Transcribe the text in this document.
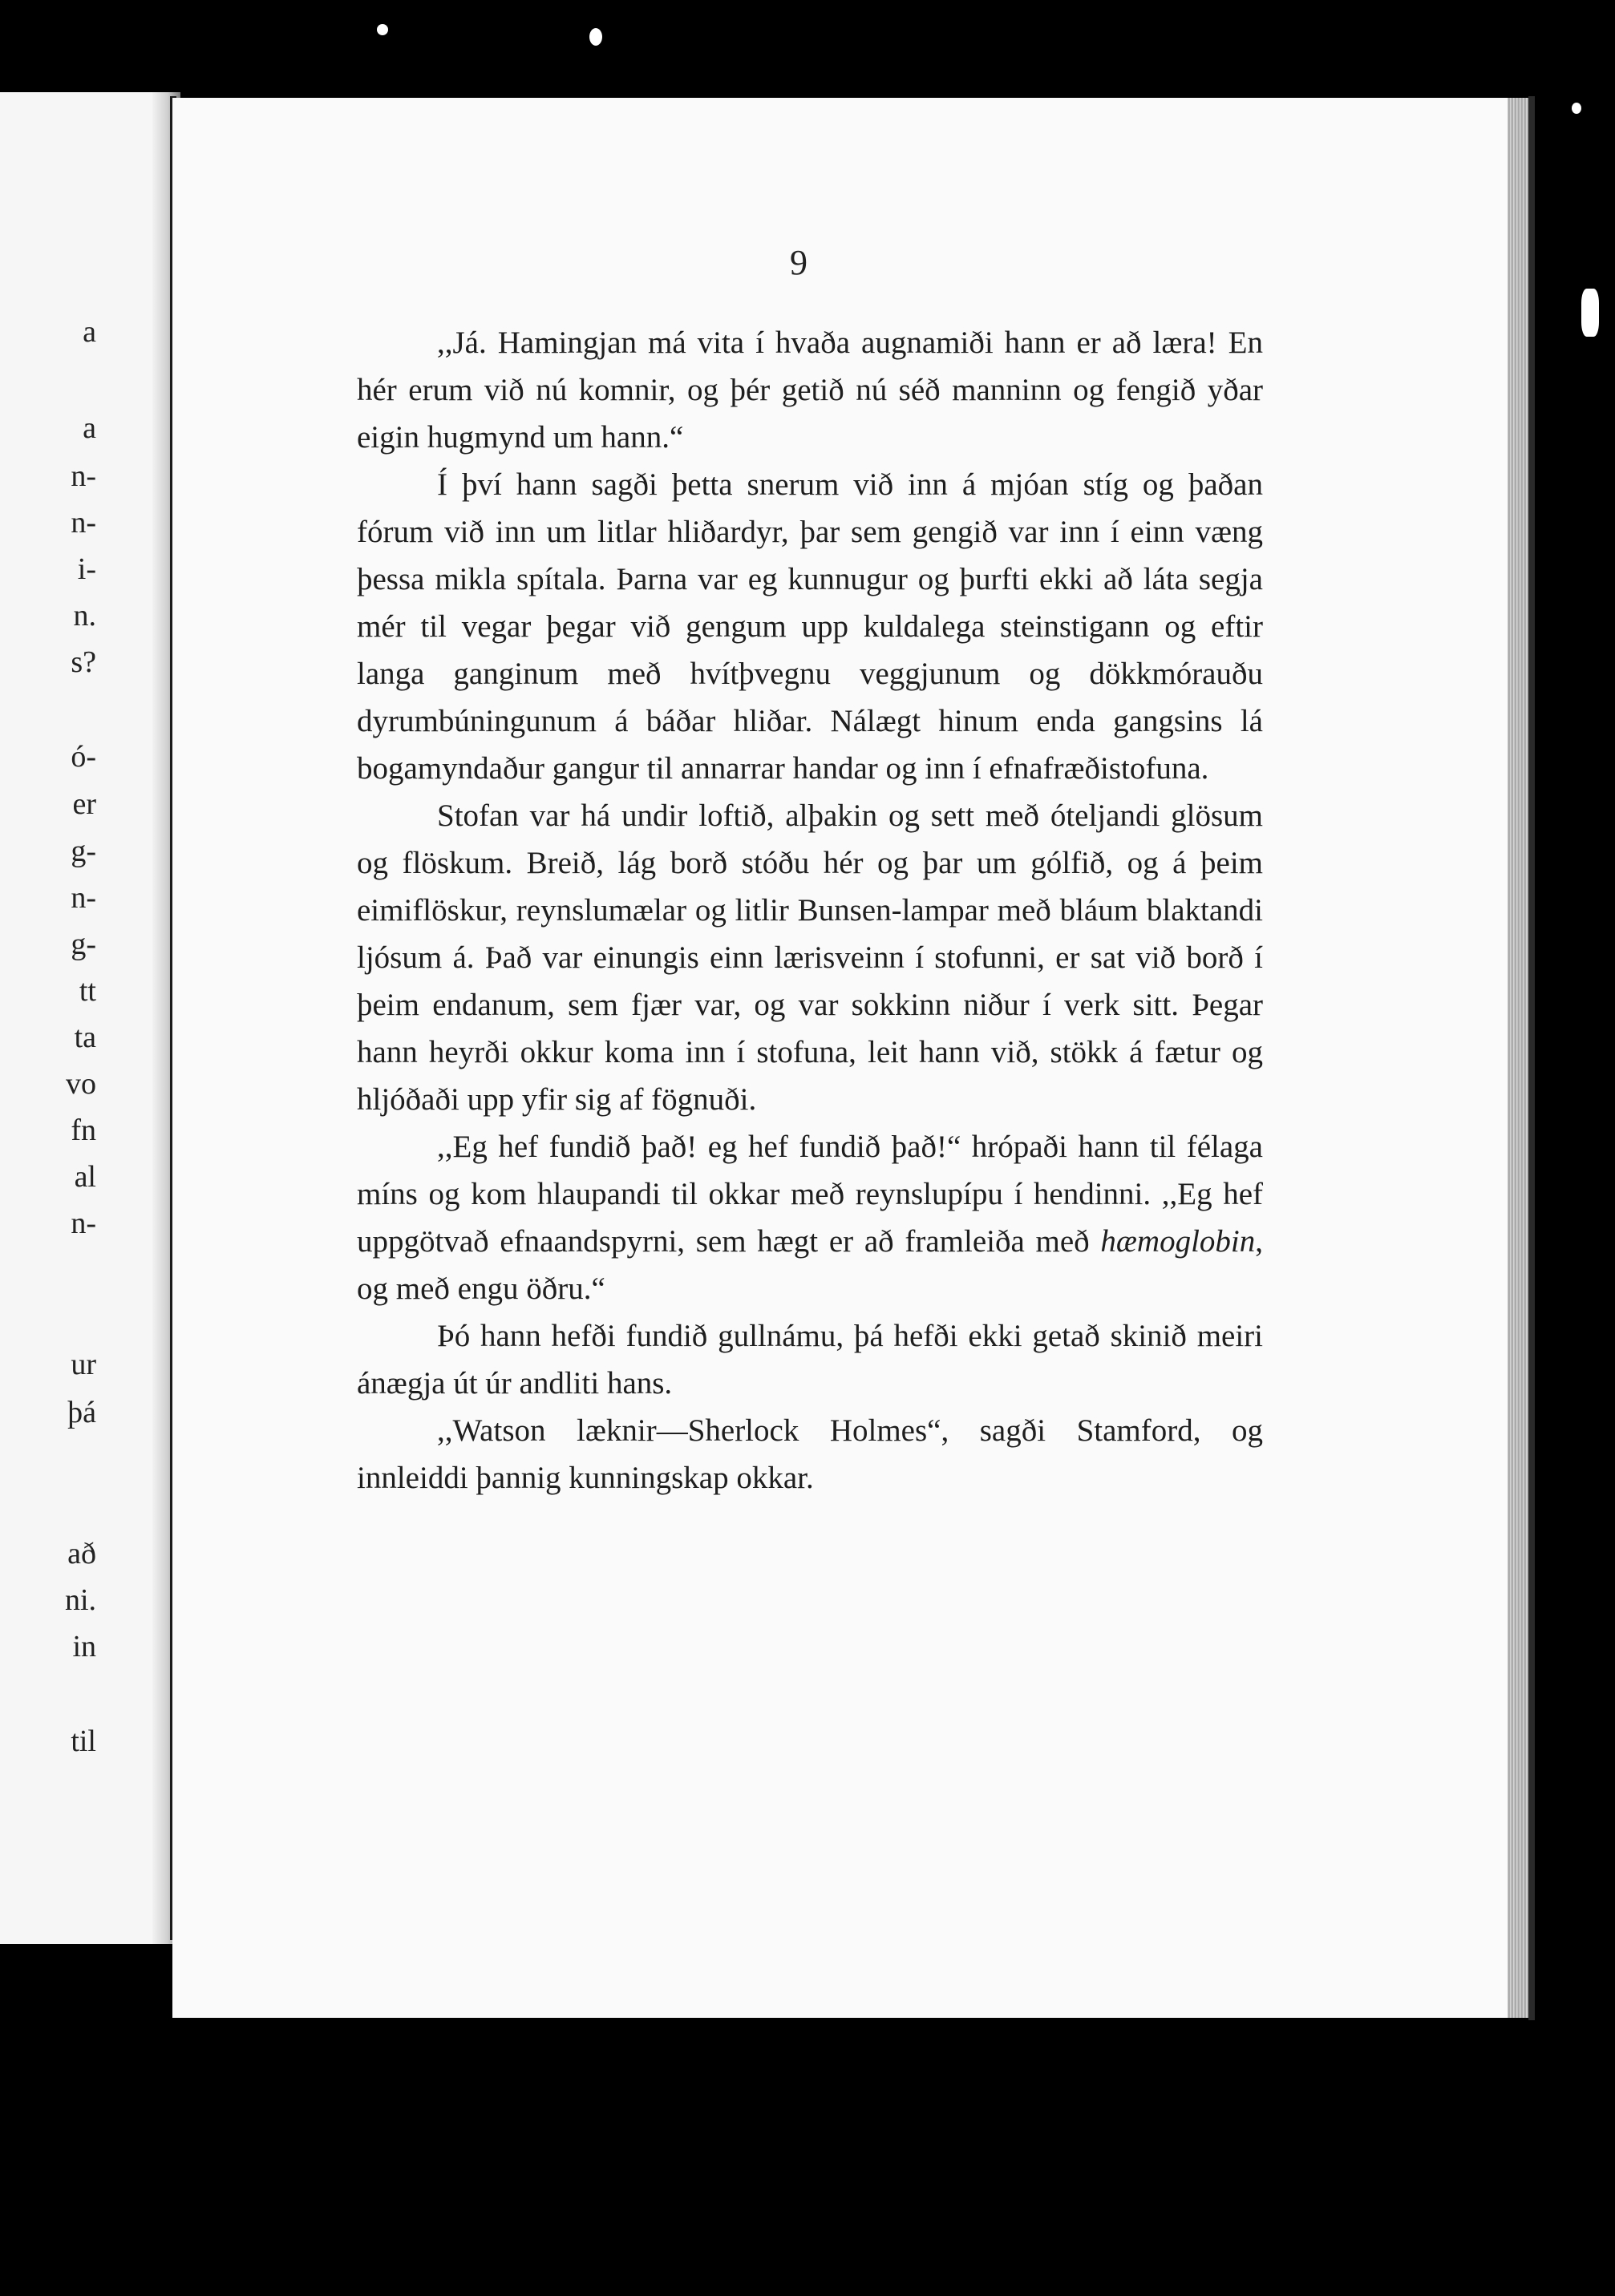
a
a
n-
n-
i-
n.
s?
ó-
er
g-
n-
g-
tt
ta
vo
fn
al
n-
ur
þá
að
ni.
in
til
9

,,Já. Hamingjan má vita í hvaða augnamiði hann er að læra! En hér erum við nú komnir, og þér getið nú séð manninn og fengið yðar eigin hugmynd um hann.“

Í því hann sagði þetta snerum við inn á mjóan stíg og þaðan fórum við inn um litlar hliðardyr, þar sem gengið var inn í einn væng þessa mikla spítala. Þarna var eg kunnugur og þurfti ekki að láta segja mér til vegar þegar við gengum upp kuldalega steinstigann og eftir langa ganginum með hvítþvegnu veggjunum og dökkmórauðu dyrumbúningunum á báðar hliðar. Nálægt hinum enda gangsins lá bogamyndaður gangur til annarrar handar og inn í efnafræðistofuna.

Stofan var há undir loftið, alþakin og sett með óteljandi glösum og flöskum. Breið, lág borð stóðu hér og þar um gólfið, og á þeim eimiflöskur, reynslumælar og litlir Bunsen-lampar með bláum blaktandi ljósum á. Það var einungis einn lærisveinn í stofunni, er sat við borð í þeim endanum, sem fjær var, og var sokkinn niður í verk sitt. Þegar hann heyrði okkur koma inn í stofuna, leit hann við, stökk á fætur og hljóðaði upp yfir sig af fögnuði.

,,Eg hef fundið það! eg hef fundið það!“ hrópaði hann til félaga míns og kom hlaupandi til okkar með reynslupípu í hendinni. ,,Eg hef uppgötvað efnaandspyrni, sem hægt er að framleiða með hæmoglobin, og með engu öðru.“

Þó hann hefði fundið gullnámu, þá hefði ekki getað skinið meiri ánægja út úr andliti hans.

,,Watson læknir—Sherlock Holmes“, sagði Stamford, og innleiddi þannig kunningskap okkar.
